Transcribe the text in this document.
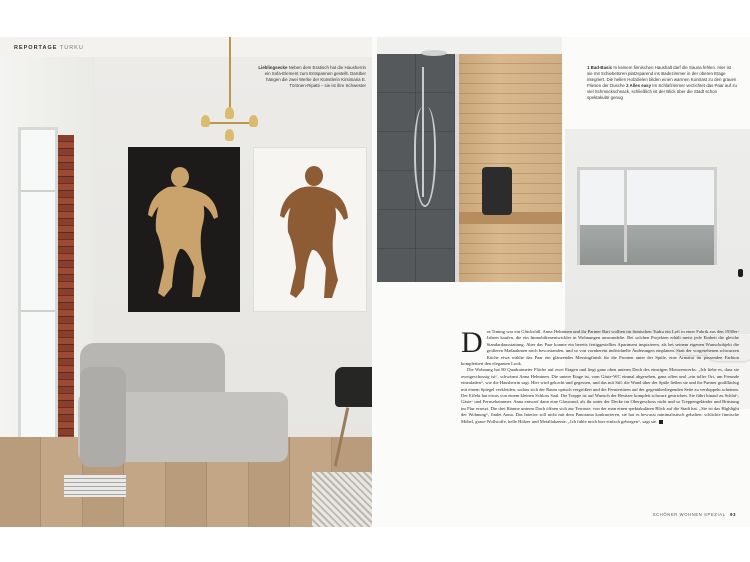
REPORTAGE TURKU
Lieblingsecke Neben dem Esstisch hat die Hausherrin ein Sofa-Element zum Entspannen gestellt. Darüber hängen die zwei Werke der Künstlerin Kirsimaria E. Törönen-Ripatti – sie ist ihre Schwester
1 Bad-Basic In keinem finnischen Haushalt darf die Sauna fehlen. Hier ist sie mit Schiebetüren platzsparend ins Badezimmer in der oberen Etage integriert. Die hellen Holzdielen bilden einen warmen Kontrast zu den grauen Fliesen der Dusche 2 Alles easy Im Schlafzimmer verzichtet das Paar auf zu viel Schmückschnack, schließlich ist der Blick über die Stadt schon spektakulär genug

Das Timing war ein Glücksfall. Anna Helminen und ihr Partner Bart wollten im finnischen Turku ein Loft in einer Fabrik aus den 1930er-Jahren kaufen, die ein Immobilienentwickler in Wohnungen umwandelte. Bei solchen Projekten erhält meist jede Einheit die gleiche Standardausstattung. Aber das Paar konnte ein bereits fertiggestelltes Apartment inspizieren, als bei seinem eigenen Wunschobjekt die größeren Maßnahmen noch bevorstanden, und so von vornherein individuelle Änderungen einplanen. Statt der vorgesehenen schwarzen Küche etwa wählte das Paar ein glänzendes Messingfinish für die Fronten unter der Spüle, eine Armatur im passenden Farbton komplettiert den eleganten Look.

Die Wohnung hat 80 Quadratmeter Fläche auf zwei Etagen und liegt ganz oben unterm Dach des einstigen Motorenwerks. „Ich liebe es, dass sie zweigeschossig ist“, schwärmt Anna Helminen. Die untere Etage ist, vom Gäste-WC einmal abgesehen, ganz offen und „ein toller Ort, um Freunde einzuladen“, wie die Hausherrin sagt. Hier wird gekocht und gegessen, und das mit Stil: die Wand über der Spüle ließen sie und ihr Partner großflächig mit einem Spiegel verkleiden, sodass sich der Raum optisch vergrößert und die Fenstertüren auf der gegenüberliegenden Seite zu verdoppeln scheinen. Der Effekt hat etwas von einem kleinen Schloss Saal. Die Treppe ist auf Wunsch der Besitzer komplett schwarz gestrichen. Sie führt hinauf zu Schlaf-, Gäste- und Fernsehzimmer. Anna entwarf dann eine Glaswand, als ihr unter der Decke im Obergeschoss nicht und so Treppengeländer und Brüstung im Flur ersetzt. Die drei Räume unterm Dach öffnen sich zur Terrasse, von der man einen spektakulären Blick auf die Stadt hat. „Sie ist das Highlight der Wohnung“, findet Anna. Das Interior soll nicht mit dem Panorama konkurrieren, sie hat es bewusst minimalistisch gehalten: schlichte finnische Möbel, graue Wollstoffe, helle Hölzer und Metallakzente. „Ich fühle mich hier einfach geborgen“, sagt sie.

SCHÖNER WOHNEN SPEZIAL 93
